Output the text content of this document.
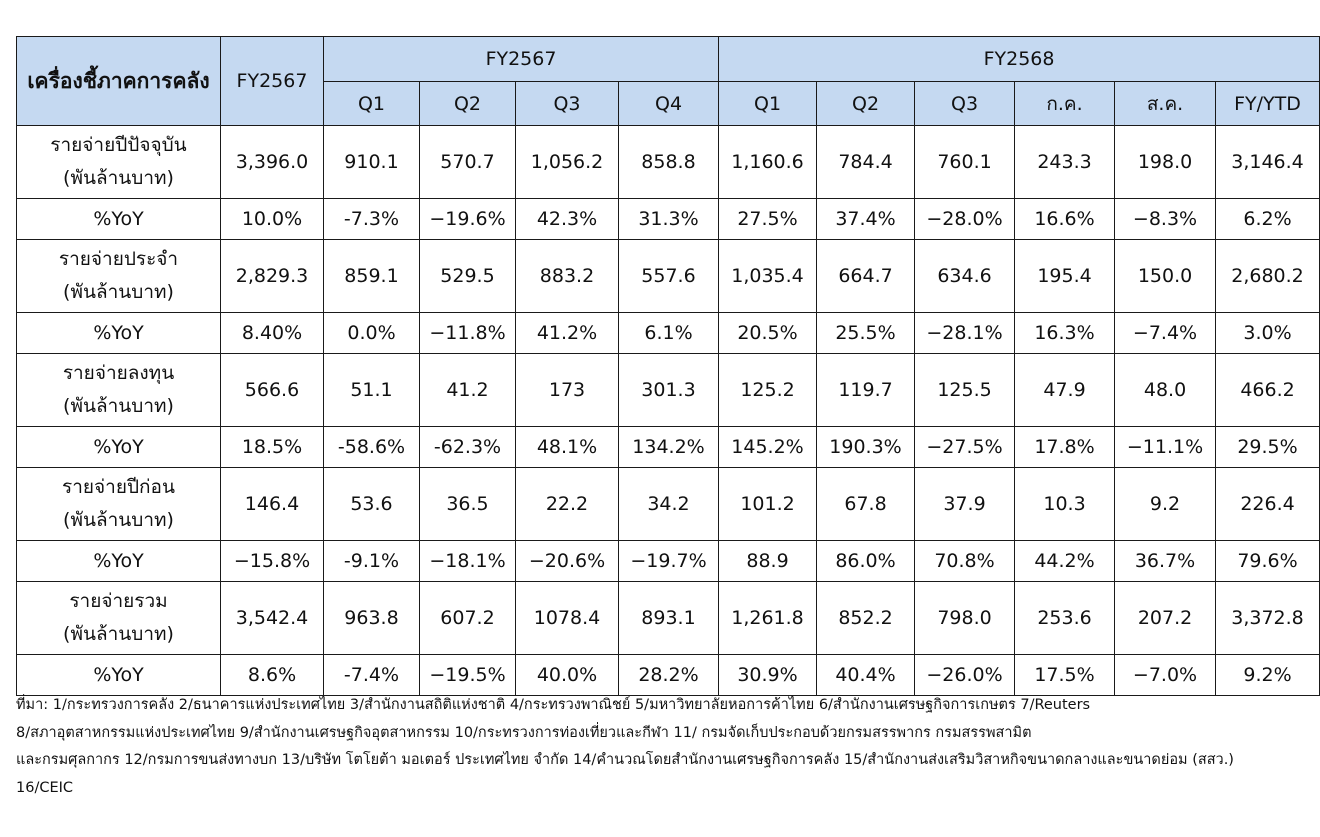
เครื่องชี้ภาคการคลัง	FY2567	FY2567				FY2568					
		Q1	Q2	Q3	Q4	Q1	Q2	Q3	ก.ค.	ส.ค.	FY/YTD

รายจ่ายปีปัจจุบัน
(พันล้านบาท)	3,396.0	910.1	570.7	1,056.2	858.8	1,160.6	784.4	760.1	243.3	198.0	3,146.4

%YoY	10.0%	-7.3%	−19.6%	42.3%	31.3%	27.5%	37.4%	−28.0%	16.6%	−8.3%	6.2%

รายจ่ายประจำ
(พันล้านบาท)	2,829.3	859.1	529.5	883.2	557.6	1,035.4	664.7	634.6	195.4	150.0	2,680.2

%YoY	8.40%	0.0%	−11.8%	41.2%	6.1%	20.5%	25.5%	−28.1%	16.3%	−7.4%	3.0%

รายจ่ายลงทุน
(พันล้านบาท)	566.6	51.1	41.2	173	301.3	125.2	119.7	125.5	47.9	48.0	466.2

%YoY	18.5%	-58.6%	-62.3%	48.1%	134.2%	145.2%	190.3%	−27.5%	17.8%	−11.1%	29.5%

รายจ่ายปีก่อน
(พันล้านบาท)	146.4	53.6	36.5	22.2	34.2	101.2	67.8	37.9	10.3	9.2	226.4

%YoY	−15.8%	-9.1%	−18.1%	−20.6%	−19.7%	88.9	86.0%	70.8%	44.2%	36.7%	79.6%

รายจ่ายรวม
(พันล้านบาท)	3,542.4	963.8	607.2	1078.4	893.1	1,261.8	852.2	798.0	253.6	207.2	3,372.8

%YoY	8.6%	-7.4%	−19.5%	40.0%	28.2%	30.9%	40.4%	−26.0%	17.5%	−7.0%	9.2%
ที่มา: 1/กระทรวงการคลัง 2/ธนาคารแห่งประเทศไทย 3/สำนักงานสถิติแห่งชาติ 4/กระทรวงพาณิชย์ 5/มหาวิทยาลัยหอการค้าไทย 6/สำนักงานเศรษฐกิจการเกษตร 7/Reuters
8/สภาอุตสาหกรรมแห่งประเทศไทย 9/สำนักงานเศรษฐกิจอุตสาหกรรม 10/กระทรวงการท่องเที่ยวและกีฬา 11/ กรมจัดเก็บประกอบด้วยกรมสรรพากร กรมสรรพสามิต
และกรมศุลกากร 12/กรมการขนส่งทางบก 13/บริษัท โตโยต้า มอเตอร์ ประเทศไทย จำกัด 14/คำนวณโดยสำนักงานเศรษฐกิจการคลัง 15/สำนักงานส่งเสริมวิสาหกิจขนาดกลางและขนาดย่อม (สสว.)
16/CEIC
